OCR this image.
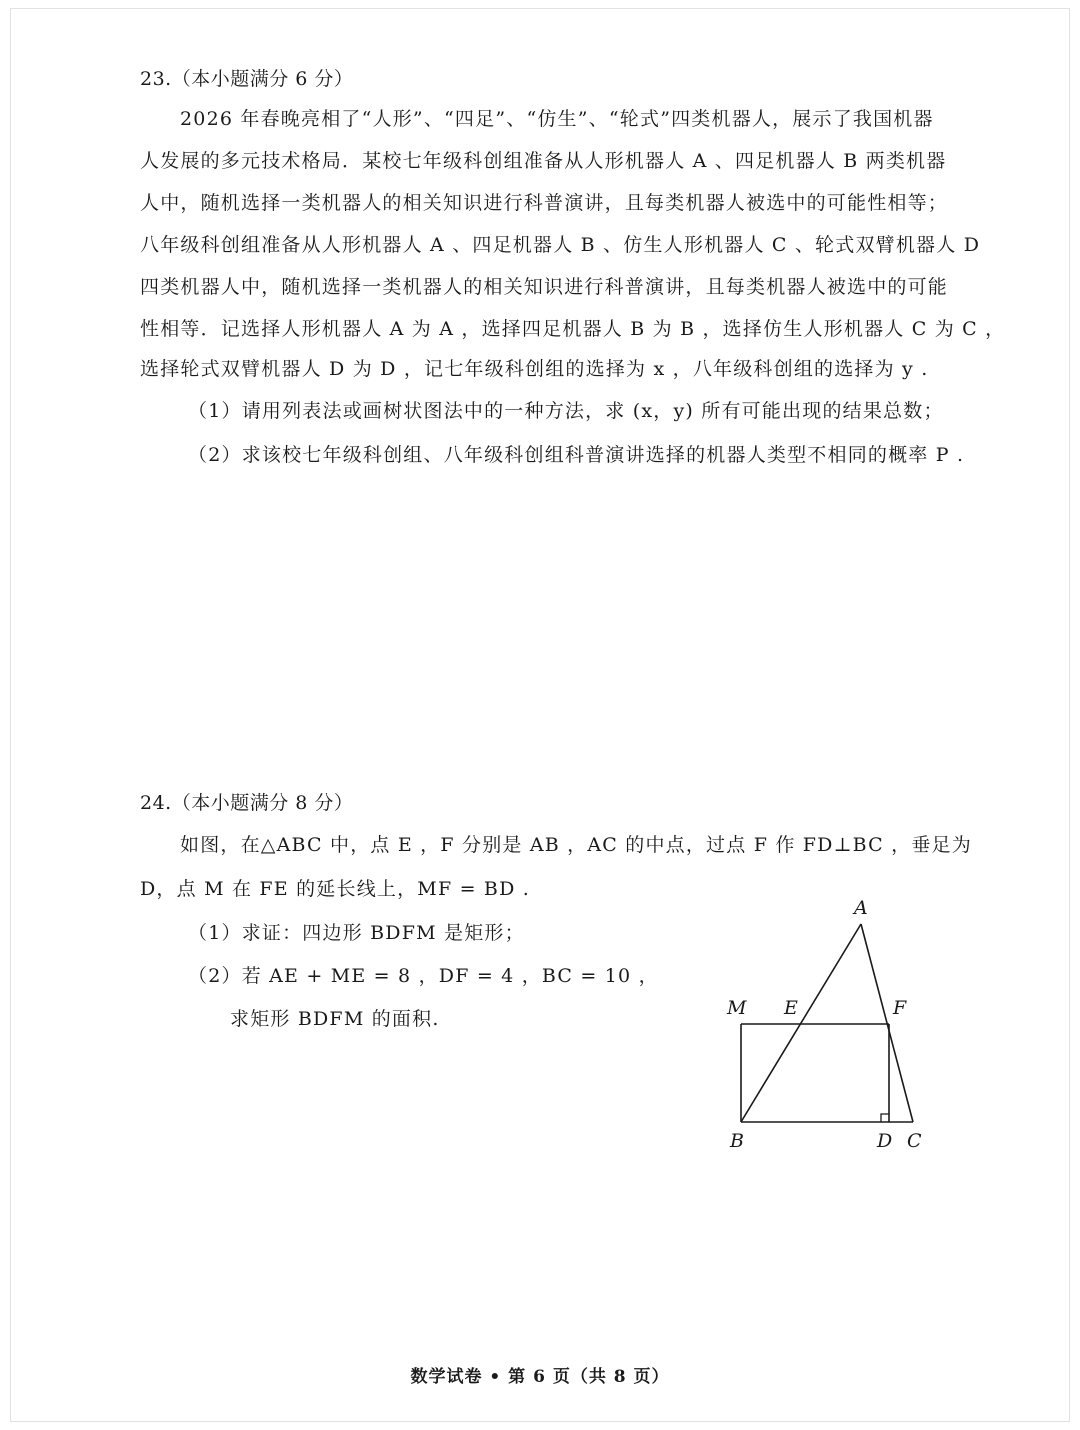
23.（本小题满分 6 分）
2026 年春晚亮相了“人形”、“四足”、“仿生”、“轮式”四类机器人，展示了我国机器
人发展的多元技术格局．某校七年级科创组准备从人形机器人 A 、四足机器人 B 两类机器
人中，随机选择一类机器人的相关知识进行科普演讲，且每类机器人被选中的可能性相等；
八年级科创组准备从人形机器人 A 、四足机器人 B 、仿生人形机器人 C 、轮式双臂机器人 D
四类机器人中，随机选择一类机器人的相关知识进行科普演讲，且每类机器人被选中的可能
性相等．记选择人形机器人 A 为 A ，选择四足机器人 B 为 B ，选择仿生人形机器人 C 为 C ，
选择轮式双臂机器人 D 为 D ，记七年级科创组的选择为 x ，八年级科创组的选择为 y .
（1）请用列表法或画树状图法中的一种方法，求 (x，y) 所有可能出现的结果总数；
（2）求该校七年级科创组、八年级科创组科普演讲选择的机器人类型不相同的概率 P .
24.（本小题满分 8 分）
如图，在△ABC 中，点 E ，F 分别是 AB ，AC 的中点，过点 F 作 FD⊥BC ，垂足为
D，点 M 在 FE 的延长线上，MF = BD .
（1）求证：四边形 BDFM 是矩形；
（2）若 AE + ME = 8 ，DF = 4 ，BC = 10 ，
求矩形 BDFM 的面积.
A
M E	F
B	D C
数学试卷 • 第 6 页（共 8 页）
